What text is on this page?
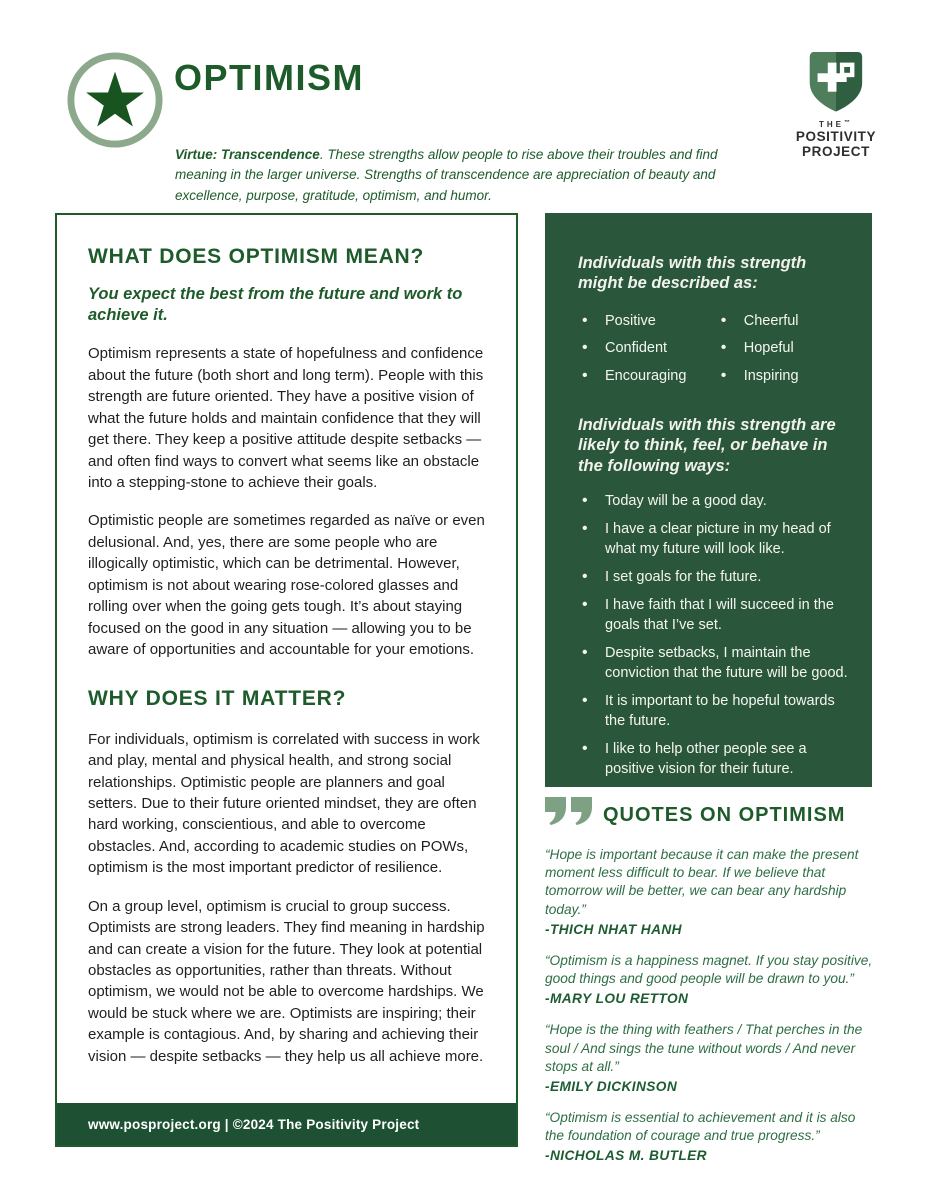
OPTIMISM

Virtue: Transcendence. These strengths allow people to rise above their troubles and find meaning in the larger universe. Strengths of transcendence are appreciation of beauty and excellence, purpose, gratitude, optimism, and humor.

THE™
POSITIVITY
PROJECT
WHAT DOES OPTIMISM MEAN?

You expect the best from the future and work to achieve it.

Optimism represents a state of hopefulness and confidence about the future (both short and long term). People with this strength are future oriented. They have a positive vision of what the future holds and maintain confidence that they will get there. They keep a positive attitude despite setbacks — and often find ways to convert what seems like an obstacle into a stepping-stone to achieve their goals.

Optimistic people are sometimes regarded as naïve or even delusional. And, yes, there are some people who are illogically optimistic, which can be detrimental. However, optimism is not about wearing rose-colored glasses and rolling over when the going gets tough. It’s about staying focused on the good in any situation — allowing you to be aware of opportunities and accountable for your emotions.

WHY DOES IT MATTER?

For individuals, optimism is correlated with success in work and play, mental and physical health, and strong social relationships. Optimistic people are planners and goal setters. Due to their future oriented mindset, they are often hard working, conscientious, and able to overcome obstacles. And, according to academic studies on POWs, optimism is the most important predictor of resilience.

On a group level, optimism is crucial to group success. Optimists are strong leaders. They find meaning in hardship and can create a vision for the future. They look at potential obstacles as opportunities, rather than threats. Without optimism, we would not be able to overcome hardships. We would be stuck where we are. Optimists are inspiring; their example is contagious. And, by sharing and achieving their vision — despite setbacks — they help us all achieve more.

www.posproject.org | ©2024 The Positivity Project
Individuals with this strength might be described as:
• Positive
• Confident
• Encouraging
• Cheerful
• Hopeful
• Inspiring
Individuals with this strength are likely to think, feel, or behave in the following ways:
• Today will be a good day.
• I have a clear picture in my head of what my future will look like.
• I set goals for the future.
• I have faith that I will succeed in the goals that I’ve set.
• Despite setbacks, I maintain the conviction that the future will be good.
• It is important to be hopeful towards the future.
• I like to help other people see a positive vision for their future.
QUOTES ON OPTIMISM

“Hope is important because it can make the present moment less difficult to bear. If we believe that tomorrow will be better, we can bear any hardship today.”

-THICH NHAT HANH

“Optimism is a happiness magnet. If you stay positive, good things and good people will be drawn to you.”

-MARY LOU RETTON

“Hope is the thing with feathers / That perches in the soul / And sings the tune without words / And never stops at all.”

-EMILY DICKINSON

“Optimism is essential to achievement and it is also the foundation of courage and true progress.”

-NICHOLAS M. BUTLER
